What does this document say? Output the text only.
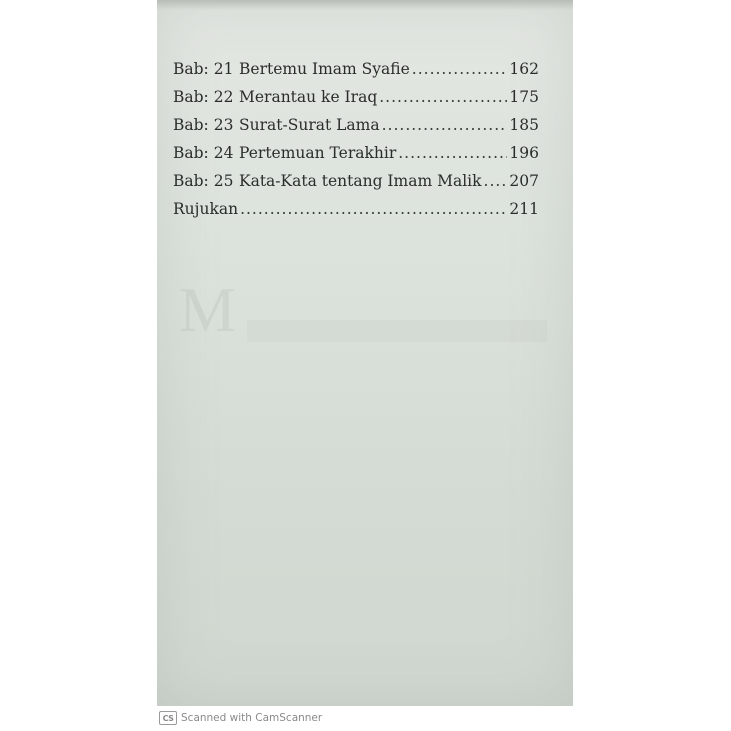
M
Bab: 21 Bertemu Imam Syafie .....	162
Bab: 22 Merantau ke Iraq .....	175
Bab: 23 Surat-Surat Lama .....	185
Bab: 24 Pertemuan Terakhir .....	196
Bab: 25 Kata-Kata tentang Imam Malik ..... 207
Rujukan .....	211
CS Scanned with CamScanner
